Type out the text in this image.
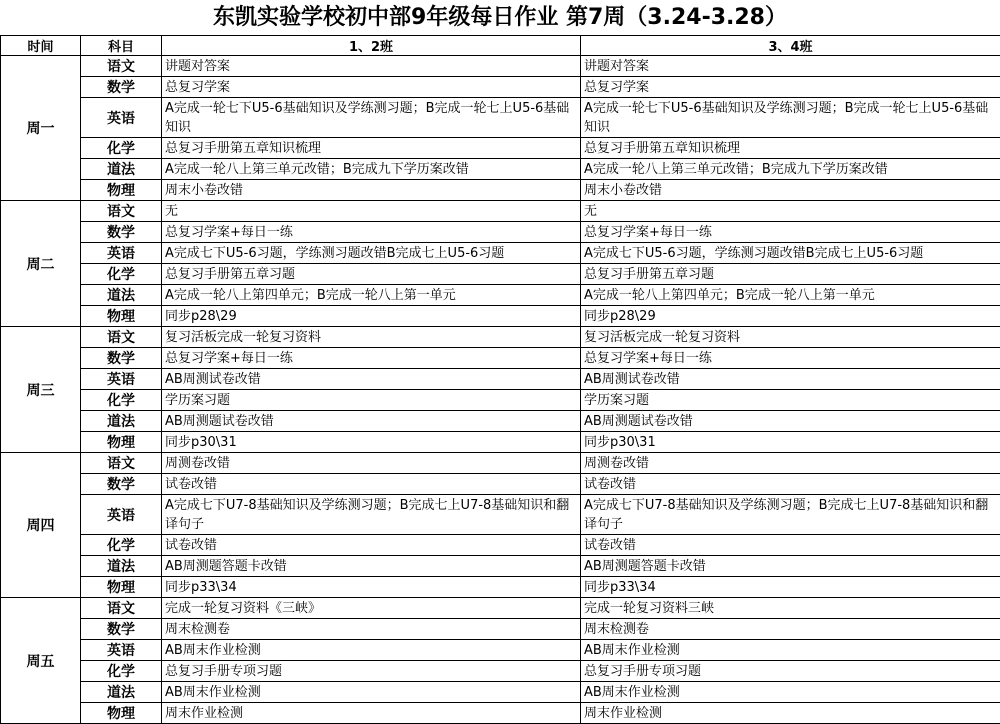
东凯实验学校初中部9年级每日作业 第7周（3.24-3.28）
时间	科目	1、2班	3、4班
周一	语文	讲题对答案	讲题对答案
	数学	总复习学案	总复习学案
	英语	A完成一轮七下U5-6基础知识及学练测习题；B完成一轮七上U5-6基础知识	A完成一轮七下U5-6基础知识及学练测习题；B完成一轮七上U5-6基础知识
	化学	总复习手册第五章知识梳理	总复习手册第五章知识梳理
	道法	A完成一轮八上第三单元改错；B完成九下学历案改错	A完成一轮八上第三单元改错；B完成九下学历案改错
	物理	周末小卷改错	周末小卷改错
周二	语文	无	无
	数学	总复习学案+每日一练	总复习学案+每日一练
	英语	A完成七下U5-6习题，学练测习题改错B完成七上U5-6习题	A完成七下U5-6习题，学练测习题改错B完成七上U5-6习题
	化学	总复习手册第五章习题	总复习手册第五章习题
	道法	A完成一轮八上第四单元；B完成一轮八上第一单元	A完成一轮八上第四单元；B完成一轮八上第一单元
	物理	同步p28\29	同步p28\29
周三	语文	复习活板完成一轮复习资料	复习活板完成一轮复习资料
	数学	总复习学案+每日一练	总复习学案+每日一练
	英语	AB周测试卷改错	AB周测试卷改错
	化学	学历案习题	学历案习题
	道法	AB周测题试卷改错	AB周测题试卷改错
	物理	同步p30\31	同步p30\31
周四	语文	周测卷改错	周测卷改错
	数学	试卷改错	试卷改错
	英语	A完成七下U7-8基础知识及学练测习题；B完成七上U7-8基础知识和翻译句子	A完成七下U7-8基础知识及学练测习题；B完成七上U7-8基础知识和翻译句子
	化学	试卷改错	试卷改错
	道法	AB周测题答题卡改错	AB周测题答题卡改错
	物理	同步p33\34	同步p33\34
周五	语文	完成一轮复习资料《三峡》	完成一轮复习资料三峡
	数学	周末检测卷	周末检测卷
	英语	AB周末作业检测	AB周末作业检测
	化学	总复习手册专项习题	总复习手册专项习题
	道法	AB周末作业检测	AB周末作业检测
	物理	周末作业检测	周末作业检测
